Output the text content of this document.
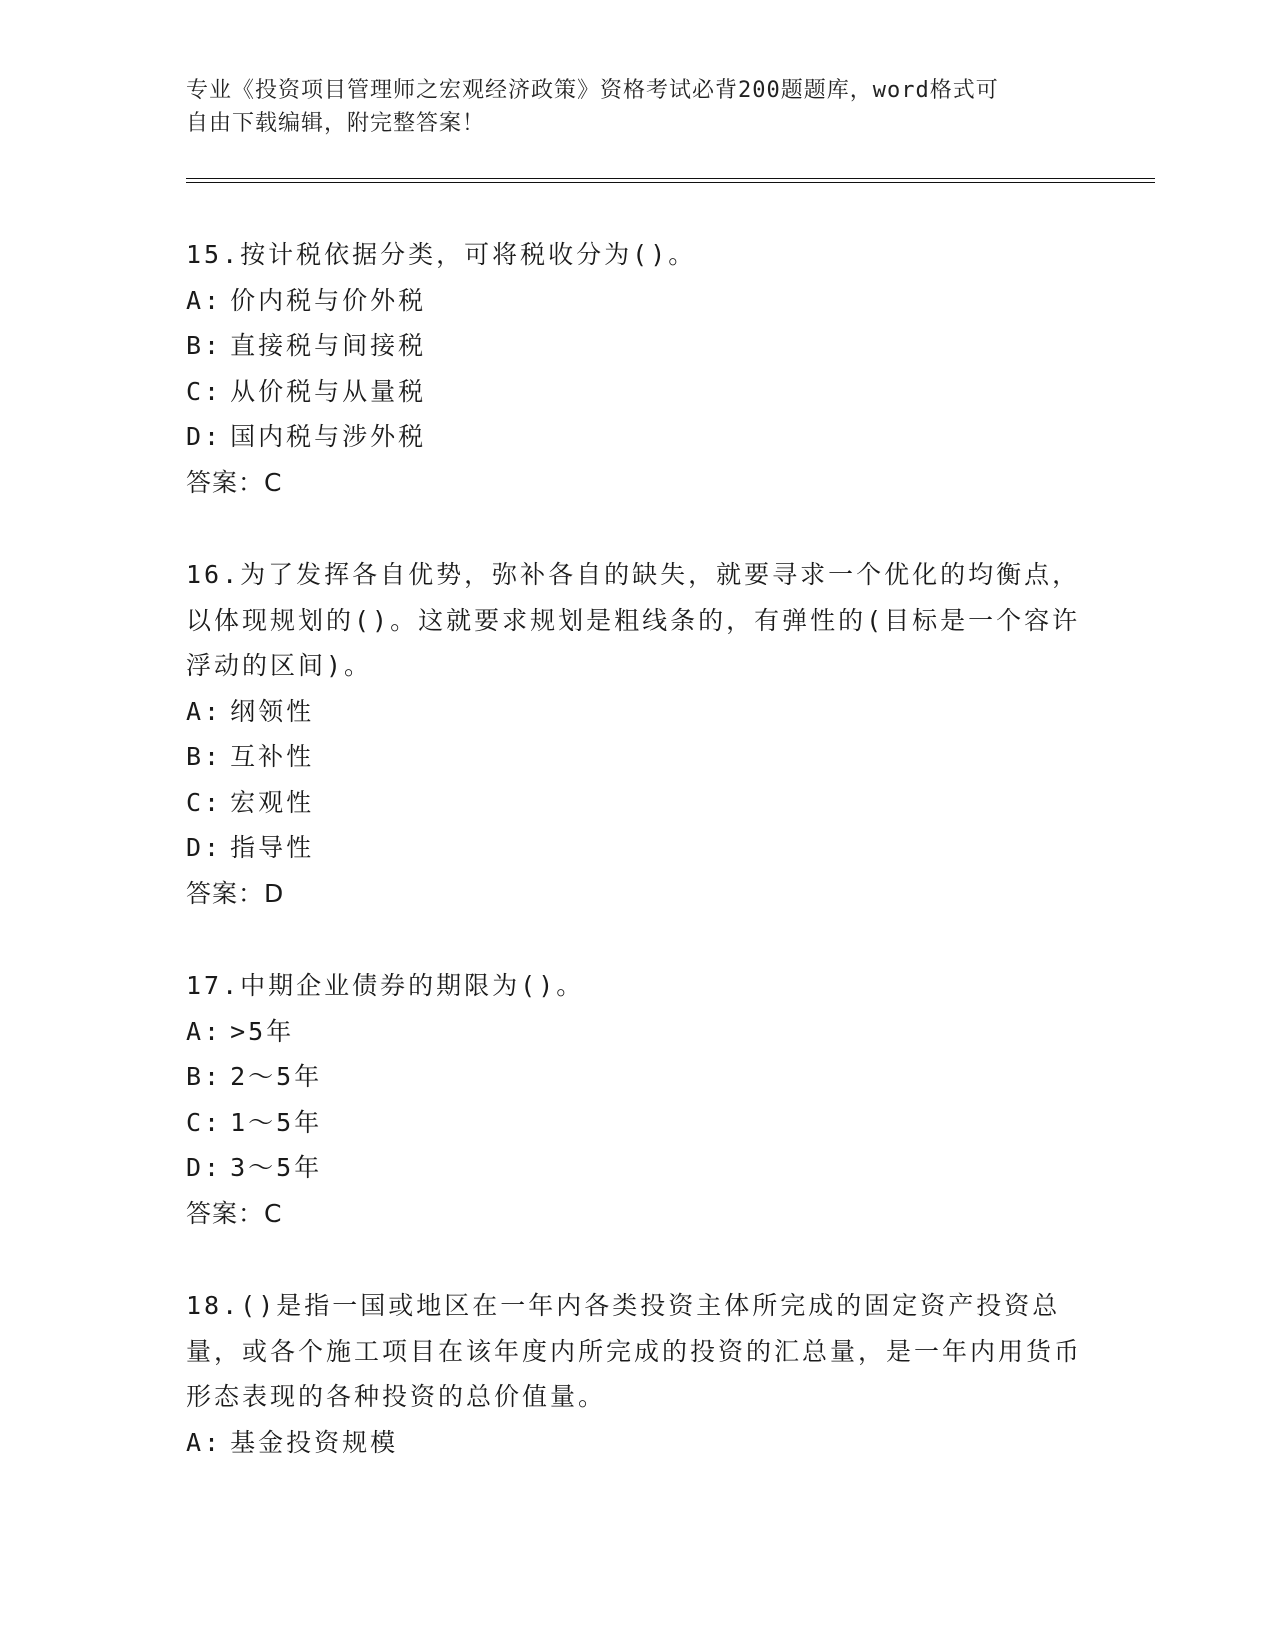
专业《投资项目管理师之宏观经济政策》资格考试必背200题题库，word格式可
自由下载编辑，附完整答案！

15.按计税依据分类，可将税收分为()。

A: 价内税与价外税

B: 直接税与间接税

C: 从价税与从量税

D: 国内税与涉外税

答案：C

16.为了发挥各自优势，弥补各自的缺失，就要寻求一个优化的均衡点，以体现规划的()。这就要求规划是粗线条的，有弹性的(目标是一个容许浮动的区间)。

A: 纲领性

B: 互补性

C: 宏观性

D: 指导性

答案：D

17.中期企业债券的期限为()。

A: >5年

B: 2～5年

C: 1～5年

D: 3～5年

答案：C

18.()是指一国或地区在一年内各类投资主体所完成的固定资产投资总量，或各个施工项目在该年度内所完成的投资的汇总量，是一年内用货币形态表现的各种投资的总价值量。

A: 基金投资规模
